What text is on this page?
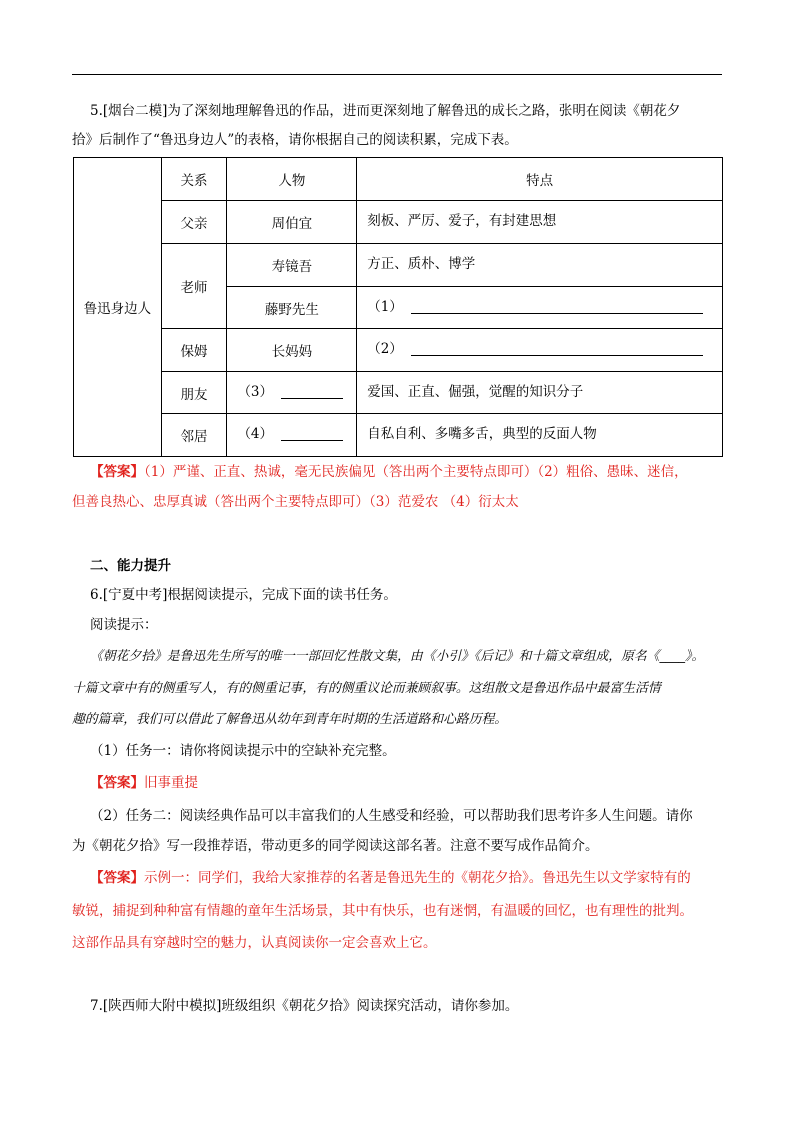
5.[烟台二模]为了深刻地理解鲁迅的作品，进而更深刻地了解鲁迅的成长之路，张明在阅读《朝花夕
拾》后制作了“鲁迅身边人”的表格，请你根据自己的阅读积累，完成下表。
鲁迅身边人	关系	人物	特点
	父亲	周伯宜	刻板、严厉、爱子，有封建思想
	老师	寿镜吾	方正、质朴、博学
		藤野先生	（1）
	保姆	长妈妈	（2）
	朋友	（3）	爱国、正直、倔强，觉醒的知识分子
	邻居	（4）	自私自利、多嘴多舌，典型的反面人物
【答案】（1）严谨、正直、热诚，毫无民族偏见（答出两个主要特点即可）（2）粗俗、愚昧、迷信，
但善良热心、忠厚真诚（答出两个主要特点即可）（3）范爱农 （4）衍太太
二、能力提升
6.[宁夏中考]根据阅读提示，完成下面的读书任务。
阅读提示：
《朝花夕拾》是鲁迅先生所写的唯一一部回忆性散文集，由《小引》《后记》和十篇文章组成，原名《____》。
十篇文章中有的侧重写人，有的侧重记事，有的侧重议论而兼顾叙事。这组散文是鲁迅作品中最富生活情
趣的篇章，我们可以借此了解鲁迅从幼年到青年时期的生活道路和心路历程。
（1）任务一：请你将阅读提示中的空缺补充完整。
【答案】旧事重提
（2）任务二：阅读经典作品可以丰富我们的人生感受和经验，可以帮助我们思考许多人生问题。请你
为《朝花夕拾》写一段推荐语，带动更多的同学阅读这部名著。注意不要写成作品简介。
【答案】示例一：同学们，我给大家推荐的名著是鲁迅先生的《朝花夕拾》。鲁迅先生以文学家特有的
敏锐，捕捉到种种富有情趣的童年生活场景，其中有快乐，也有迷惘，有温暖的回忆，也有理性的批判。
这部作品具有穿越时空的魅力，认真阅读你一定会喜欢上它。
7.[陕西师大附中模拟]班级组织《朝花夕拾》阅读探究活动，请你参加。
